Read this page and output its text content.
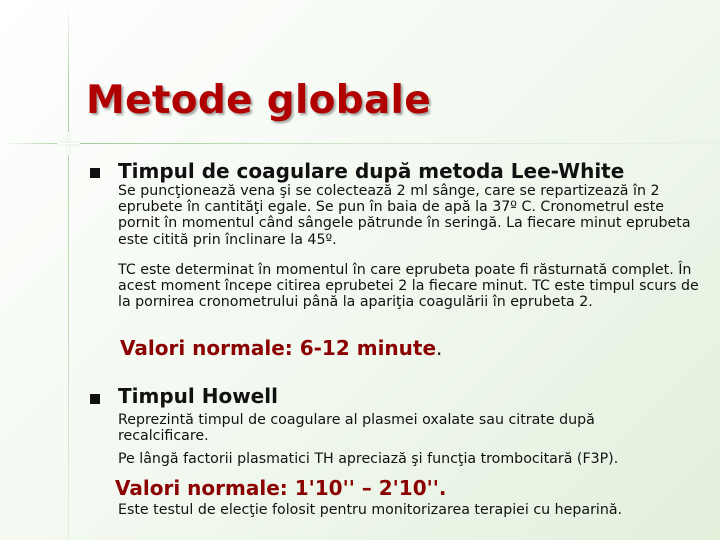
Metode globale
Timpul de coagulare după metoda Lee-White

Se puncţionează vena şi se colectează 2 ml sânge, care se repartizează în 2 eprubete în cantităţi egale. Se pun în baia de apă la 37º C. Cronometrul este pornit în momentul când sângele pătrunde în seringă. La fiecare minut eprubeta este citită prin înclinare la 45º.

TC este determinat în momentul în care eprubeta poate fi răsturnată complet. În acest moment începe citirea eprubetei 2 la fiecare minut. TC este timpul scurs de la pornirea cronometrului până la apariţia coagulării în eprubeta 2.

Valori normale: 6-12 minute.
Timpul Howell

Reprezintă timpul de coagulare al plasmei oxalate sau citrate după recalcificare.

Pe lângă factorii plasmatici TH apreciază şi funcţia trombocitară (F3P).

Valori normale: 1'10'' – 2'10''.

Este testul de elecţie folosit pentru monitorizarea terapiei cu heparină.
